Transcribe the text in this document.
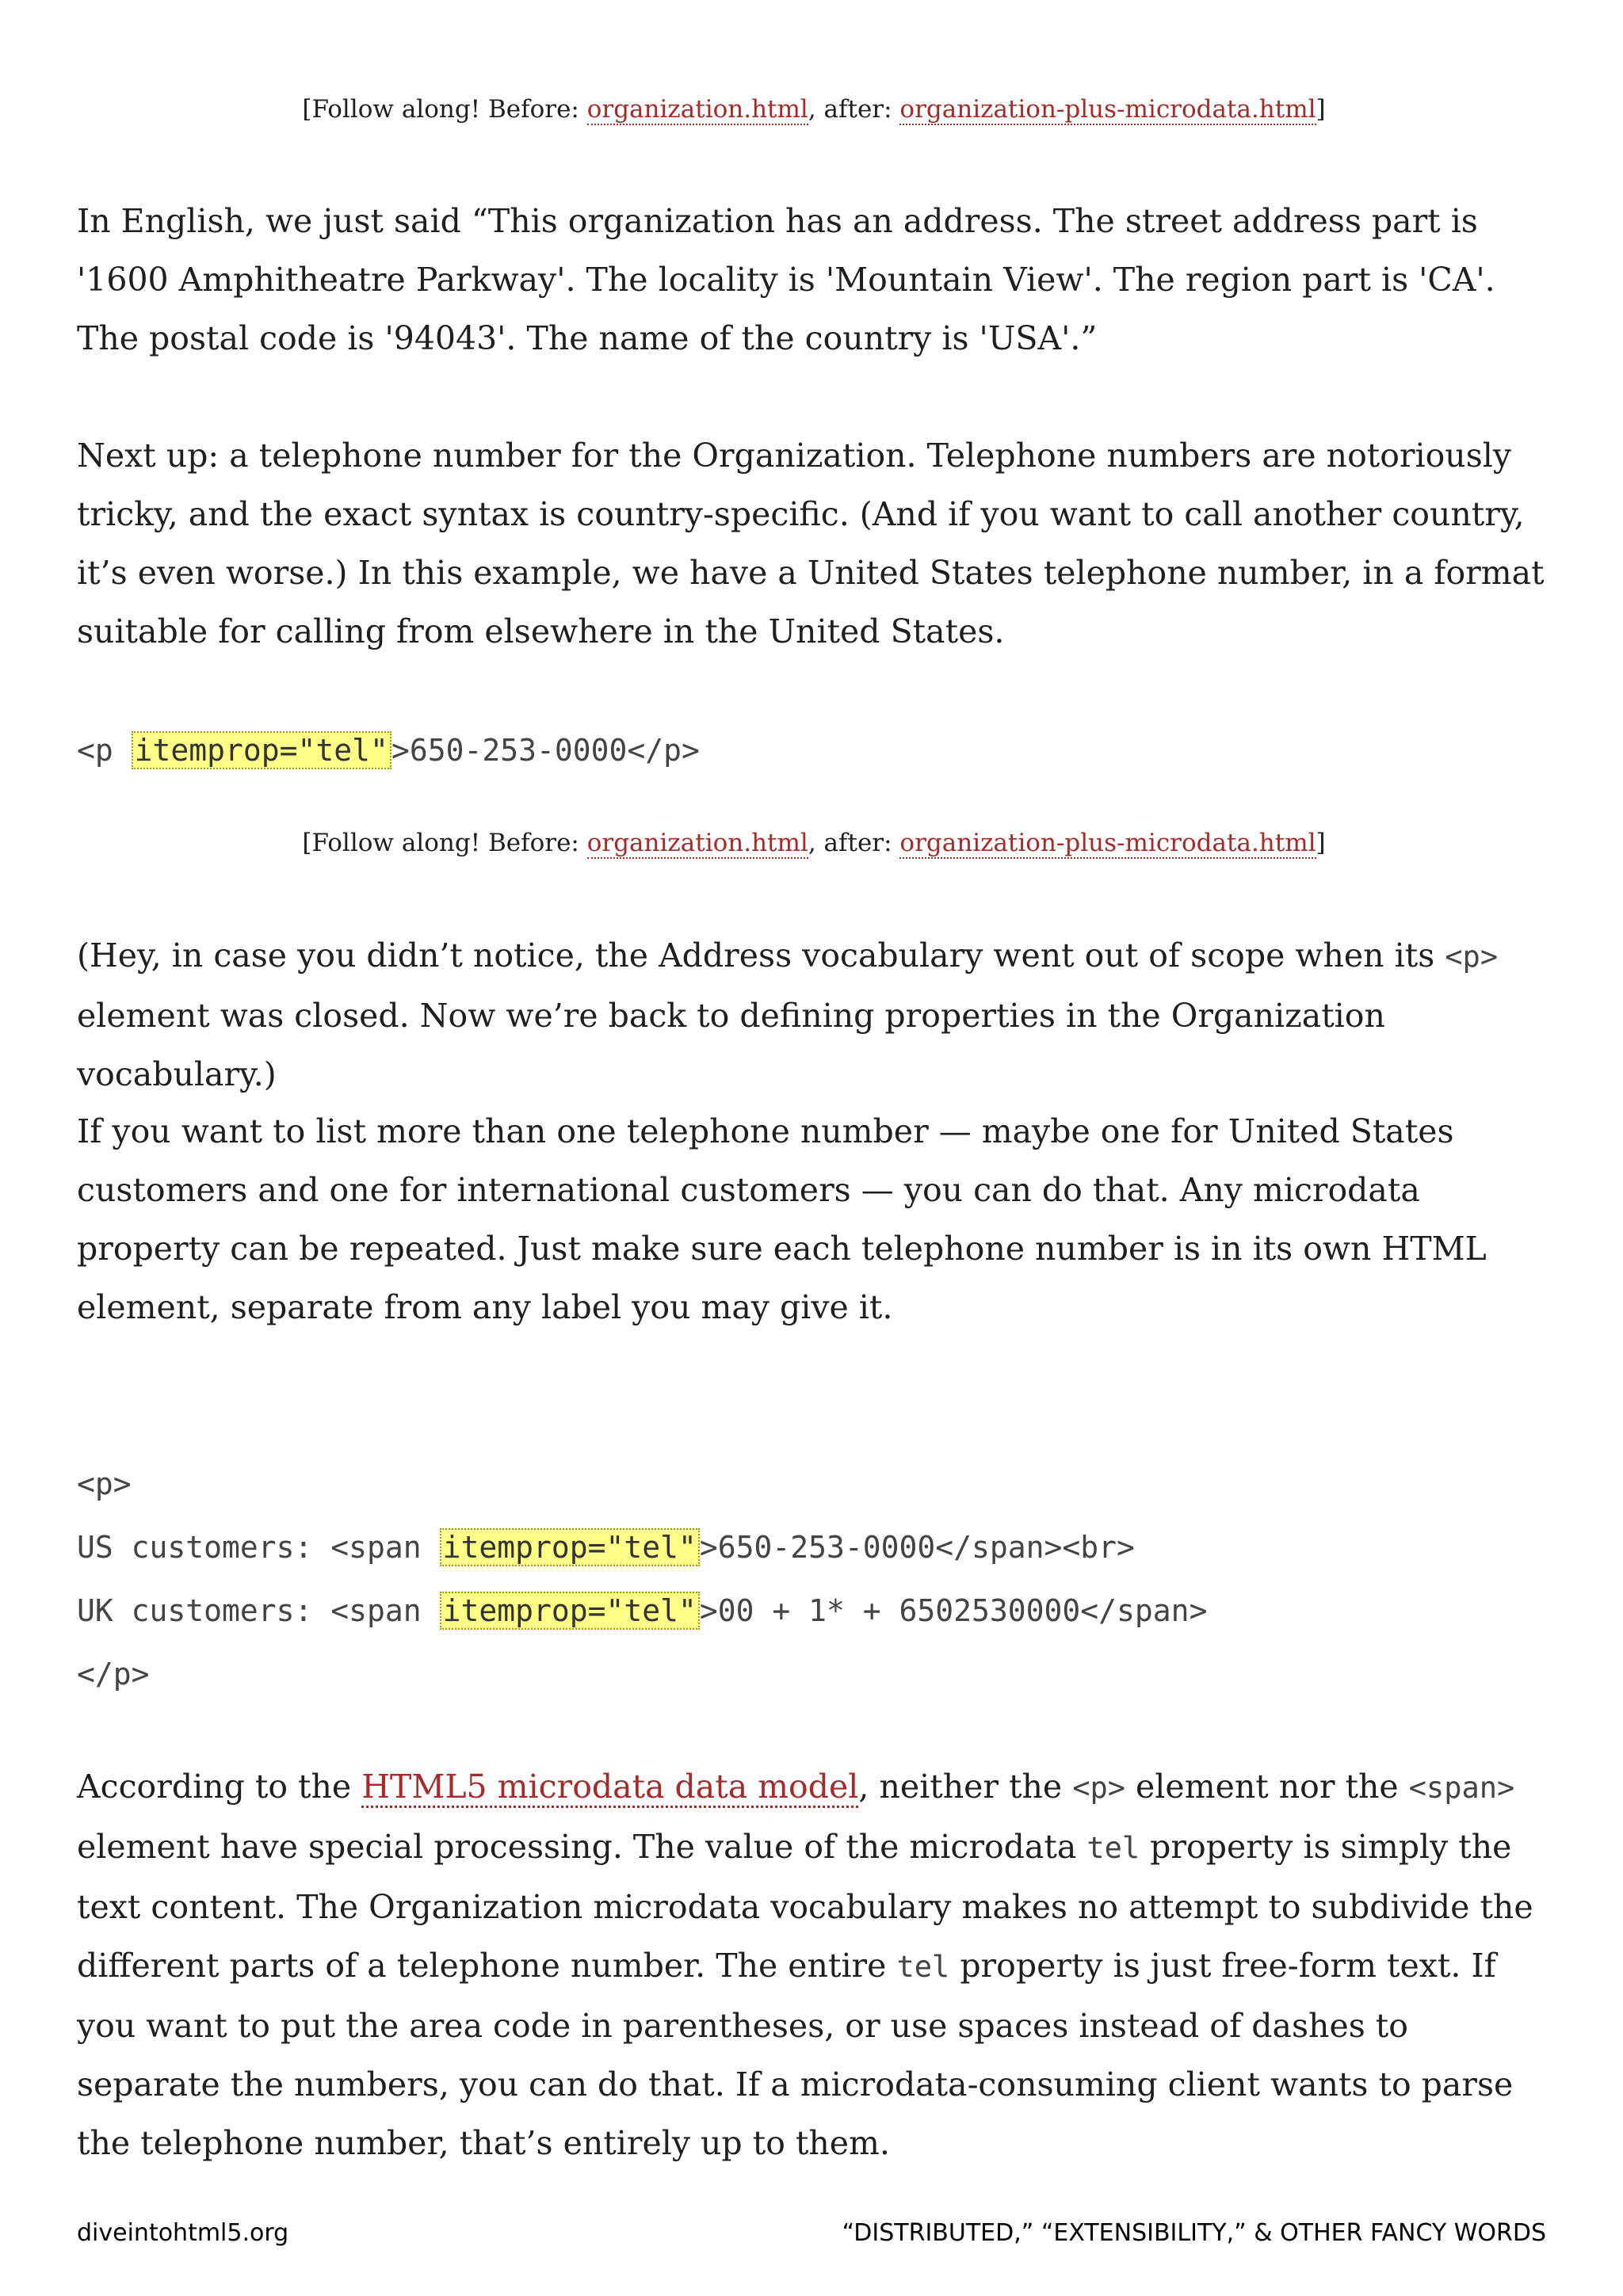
[Follow along! Before: organization.html, after: organization-plus-microdata.html]

In English, we just said “This organization has an address. The street address part is '1600 Amphitheatre Parkway'. The locality is 'Mountain View'. The region part is 'CA'. The postal code is '94043'. The name of the country is 'USA'.”

Next up: a telephone number for the Organization. Telephone numbers are notoriously tricky, and the exact syntax is country-specific. (And if you want to call another country, it’s even worse.) In this example, we have a United States telephone number, in a format suitable for calling from elsewhere in the United States.

<p itemprop="tel" >650-253-0000</p>
[Follow along! Before: organization.html, after: organization-plus-microdata.html]

(Hey, in case you didn’t notice, the Address vocabulary went out of scope when its <p> element was closed. Now we’re back to defining properties in the Organization vocabulary.)

If you want to list more than one telephone number — maybe one for United States customers and one for international customers — you can do that. Any microdata property can be repeated. Just make sure each telephone number is in its own HTML element, separate from any label you may give it.

<p>
US customers: <span itemprop="tel" >650-253-0000</span><br>
UK customers: <span itemprop="tel" >00 + 1* + 6502530000</span>
</p>

According to the HTML5 microdata data model, neither the <p> element nor the <span> element have special processing. The value of the microdata tel property is simply the text content. The Organization microdata vocabulary makes no attempt to subdivide the different parts of a telephone number. The entire tel property is just free-form text. If you want to put the area code in parentheses, or use spaces instead of dashes to separate the numbers, you can do that. If a microdata-consuming client wants to parse the telephone number, that’s entirely up to them.

diveintohtml5.org	“DISTRIBUTED,” “EXTENSIBILITY,” & OTHER FANCY WORDS
